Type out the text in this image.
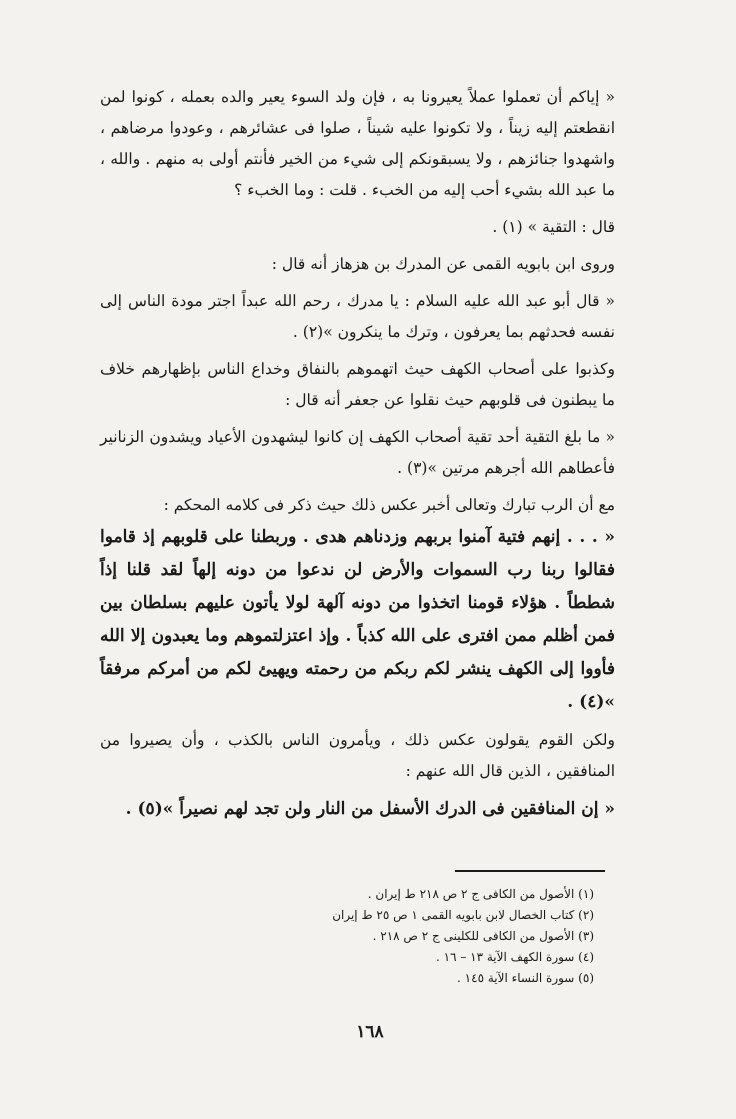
« إياكم أن تعملوا عملاً يعيرونا به ، فإن ولد السوء يعير والده بعمله ، كونوا لمن انقطعتم إليه زيناً ، ولا تكونوا عليه شيناً ، صلوا فى عشائرهم ، وعودوا مرضاهم ، واشهدوا جنائزهم ، ولا يسبقونكم إلى شيء من الخير فأنتم أولى به منهم . والله ، ما عبد الله بشيء أحب إليه من الخبء . قلت : وما الخبء ؟

قال : التقية » (١) .

وروى ابن بابويه القمى عن المدرك بن هزهاز أنه قال :

« قال أبو عبد الله عليه السلام : يا مدرك ، رحم الله عبداً اجتر مودة الناس إلى نفسه فحدثهم بما يعرفون ، وترك ما ينكرون »(٢) .

وكذبوا على أصحاب الكهف حيث اتهموهم بالنفاق وخداع الناس بإظهارهم خلاف ما يبطنون فى قلوبهم حيث نقلوا عن جعفر أنه قال :

« ما بلغ التقية أحد تقية أصحاب الكهف إن كانوا ليشهدون الأعياد ويشدون الزنانير فأعطاهم الله أجرهم مرتين »(٣) .

مع أن الرب تبارك وتعالى أخبر عكس ذلك حيث ذكر فى كلامه المحكم :

« . . . إنهم فتية آمنوا بربهم وزدناهم هدى . وربطنا على قلوبهم إذ قاموا فقالوا ربنا رب السموات والأرض لن ندعوا من دونه إلهاً لقد قلنا إذاً شططاً . هؤلاء قومنا اتخذوا من دونه آلهة لولا يأتون عليهم بسلطان بين فمن أظلم ممن افترى على الله كذباً . وإذ اعتزلتموهم وما يعبدون إلا الله فأووا إلى الكهف ينشر لكم ربكم من رحمته ويهيئ لكم من أمركم مرفقاً »(٤) .

ولكن القوم يقولون عكس ذلك ، ويأمرون الناس بالكذب ، وأن يصيروا من المنافقين ، الذين قال الله عنهم :

« إن المنافقين فى الدرك الأسفل من النار ولن تجد لهم نصيراً »(٥) .

(١) الأصول من الكافى ج ٢ ص ٢١٨ ط إيران .
(٢) كتاب الخصال لابن بابويه القمى ١ ص ٢٥ ط إيران
(٣) الأصول من الكافى للكلينى ج ٢ ص ٢١٨ .
(٤) سورة الكهف الآية ١٣ – ١٦ .
(٥) سورة النساء الآية ١٤٥ .
١٦٨
